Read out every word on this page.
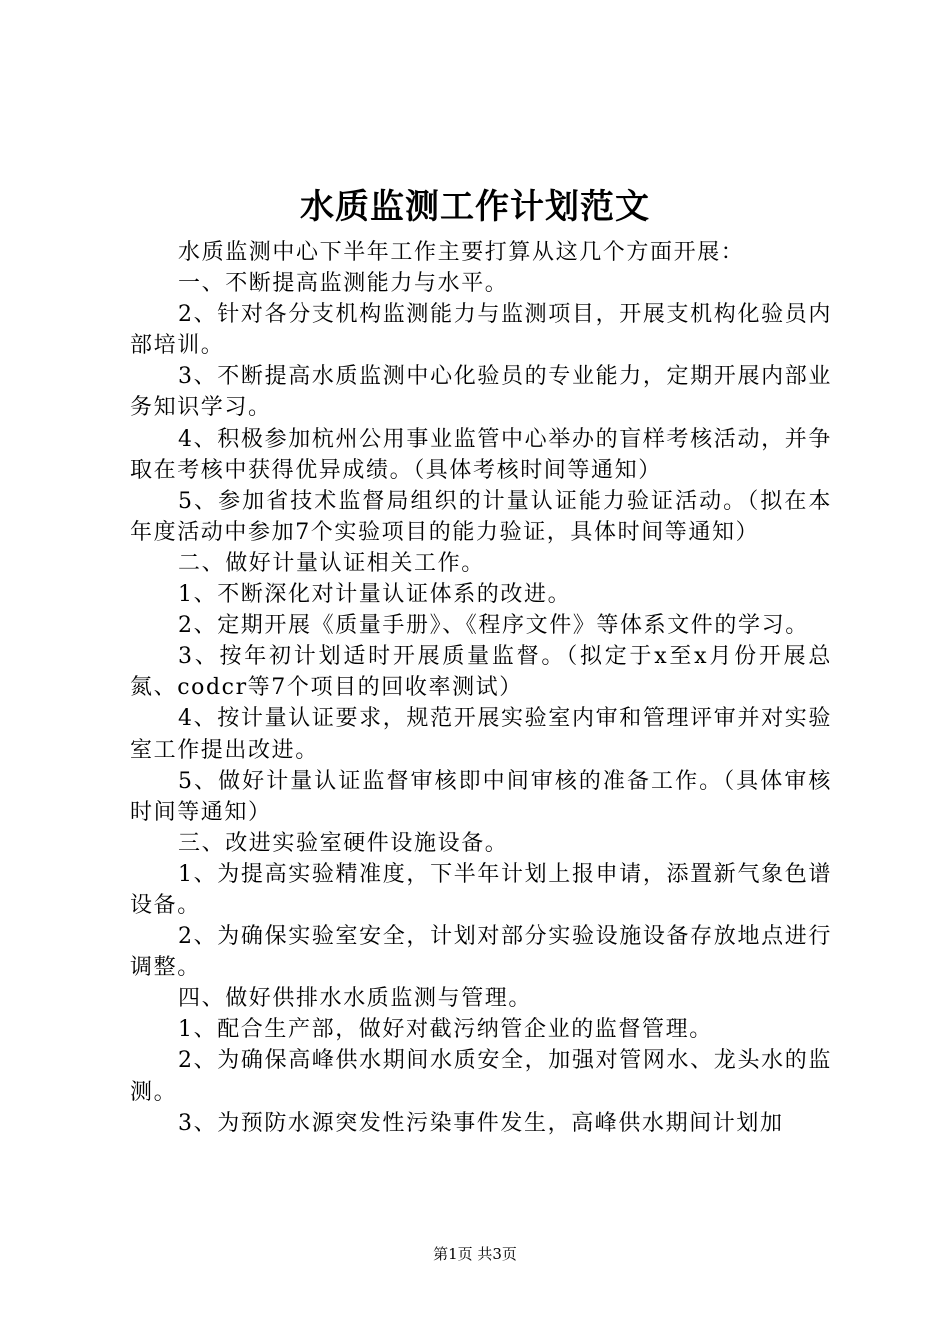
水质监测工作计划范文

水质监测中心下半年工作主要打算从这几个方面开展：

一、不断提高监测能力与水平。

2、针对各分支机构监测能力与监测项目，开展支机构化验员内部培训。

3、不断提高水质监测中心化验员的专业能力，定期开展内部业务知识学习。

4、积极参加杭州公用事业监管中心举办的盲样考核活动，并争取在考核中获得优异成绩。（具体考核时间等通知）

5、参加省技术监督局组织的计量认证能力验证活动。（拟在本年度活动中参加7个实验项目的能力验证，具体时间等通知）

二、做好计量认证相关工作。

1、不断深化对计量认证体系的改进。

2、定期开展《质量手册》、《程序文件》等体系文件的学习。

3、按年初计划适时开展质量监督。（拟定于x至x月份开展总氮、codcr等7个项目的回收率测试）

4、按计量认证要求，规范开展实验室内审和管理评审并对实验室工作提出改进。

5、做好计量认证监督审核即中间审核的准备工作。（具体审核时间等通知）

三、改进实验室硬件设施设备。

1、为提高实验精准度，下半年计划上报申请，添置新气象色谱设备。

2、为确保实验室安全，计划对部分实验设施设备存放地点进行调整。

四、做好供排水水质监测与管理。

1、配合生产部，做好对截污纳管企业的监督管理。

2、为确保高峰供水期间水质安全，加强对管网水、龙头水的监测。

3、为预防水源突发性污染事件发生，高峰供水期间计划加

第1页 共3页
